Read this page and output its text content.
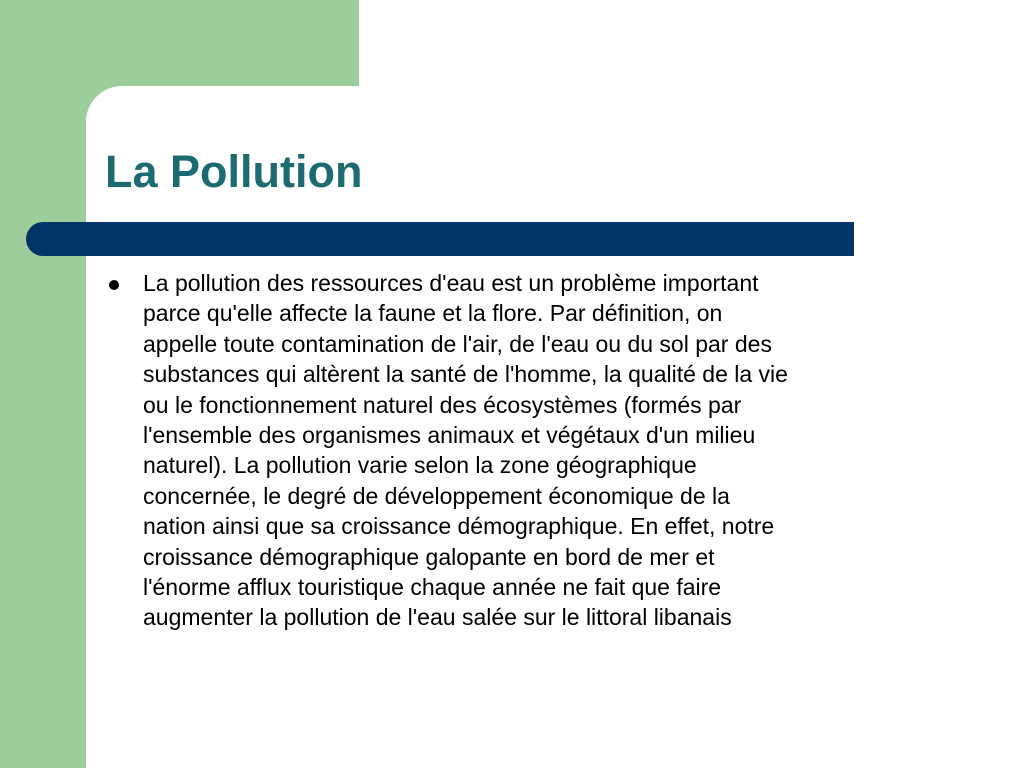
La Pollution
La pollution des ressources d'eau est un problème important
parce qu'elle affecte la faune et la flore. Par définition, on
appelle toute contamination de l'air, de l'eau ou du sol par des
substances qui altèrent la santé de l'homme, la qualité de la vie
ou le fonctionnement naturel des écosystèmes (formés par
l'ensemble des organismes animaux et végétaux d'un milieu
naturel). La pollution varie selon la zone géographique
concernée, le degré de développement économique de la
nation ainsi que sa croissance démographique. En effet, notre
croissance démographique galopante en bord de mer et
l'énorme afflux touristique chaque année ne fait que faire
augmenter la pollution de l'eau salée sur le littoral libanais
